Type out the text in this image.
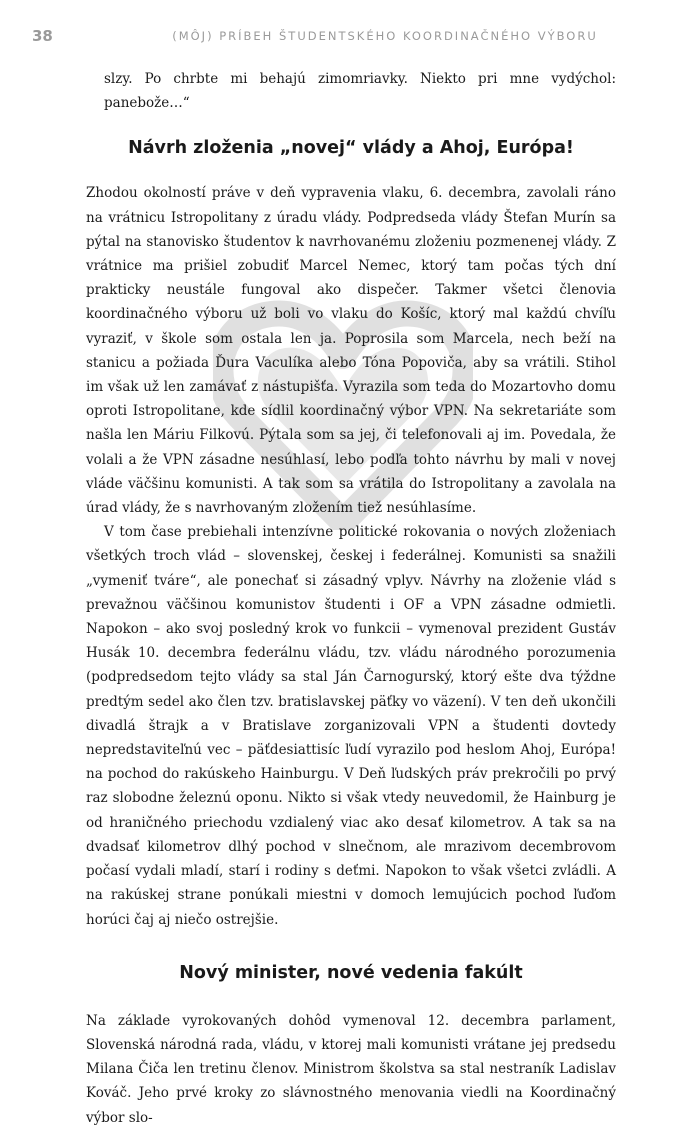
38	(MÔJ) PRÍBEH ŠTUDENTSKÉHO KOORDINAČNÉHO VÝBORU

slzy. Po chrbte mi behajú zimomriavky. Niekto pri mne vydýchol: panebože…“

Návrh zloženia „novej“ vlády a Ahoj, Európa!

Zhodou okolností práve v deň vypravenia vlaku, 6. decembra, zavolali ráno na vrátnicu Istropolitany z úradu vlády. Podpredseda vlády Štefan Murín sa pýtal na stanovisko študentov k navrhovanému zloženiu pozmenenej vlády. Z vrátnice ma prišiel zobudiť Marcel Nemec, ktorý tam počas tých dní prakticky neustále fungoval ako dispečer. Takmer všetci členovia koordinačného výboru už boli vo vlaku do Košíc, ktorý mal každú chvíľu vyraziť, v škole som ostala len ja. Poprosila som Marcela, nech beží na stanicu a požiada Ďura Vaculíka alebo Tóna Popoviča, aby sa vrátili. Stihol im však už len zamávať z nástupišťa. Vyrazila som teda do Mozartovho domu oproti Istropolitane, kde sídlil koordinačný výbor VPN. Na sekretariáte som našla len Máriu Filkovú. Pýtala som sa jej, či telefonovali aj im. Povedala, že volali a že VPN zásadne nesúhlasí, lebo podľa tohto návrhu by mali v novej vláde väčšinu komunisti. A tak som sa vrátila do Istropolitany a zavolala na úrad vlády, že s navrhovaným zložením tiež nesúhlasíme.

V tom čase prebiehali intenzívne politické rokovania o nových zloženiach všetkých troch vlád – slovenskej, českej i federálnej. Komunisti sa snažili „vymeniť tváre“, ale ponechať si zásadný vplyv. Návrhy na zloženie vlád s prevažnou väčšinou komunistov študenti i OF a VPN zásadne odmietli. Napokon – ako svoj posledný krok vo funkcii – vymenoval prezident Gustáv Husák 10. decembra federálnu vládu, tzv. vládu národného porozumenia (podpredsedom tejto vlády sa stal Ján Čarnogurský, ktorý ešte dva týždne predtým sedel ako člen tzv. bratislavskej päťky vo väzení). V ten deň ukončili divadlá štrajk a v Bratislave zorganizovali VPN a študenti dovtedy nepredstaviteľnú vec – päťdesiattisíc ľudí vyrazilo pod heslom Ahoj, Európa! na pochod do rakúskeho Hainburgu. V Deň ľudských práv prekročili po prvý raz slobodne železnú oponu. Nikto si však vtedy neuvedomil, že Hainburg je od hraničného priechodu vzdialený viac ako desať kilometrov. A tak sa na dvadsať kilometrov dlhý pochod v slnečnom, ale mrazivom decembrovom počasí vydali mladí, starí i rodiny s deťmi. Napokon to však všetci zvládli. A na rakúskej strane ponúkali miestni v domoch lemujúcich pochod ľuďom horúci čaj aj niečo ostrejšie.

Nový minister, nové vedenia fakúlt

Na základe vyrokovaných dohôd vymenoval 12. decembra parlament, Slovenská národná rada, vládu, v ktorej mali komunisti vrátane jej predsedu Milana Čiča len tretinu členov. Ministrom školstva sa stal nestraník Ladislav Kováč. Jeho prvé kroky zo slávnostného menovania viedli na Koordinačný výbor slo-
